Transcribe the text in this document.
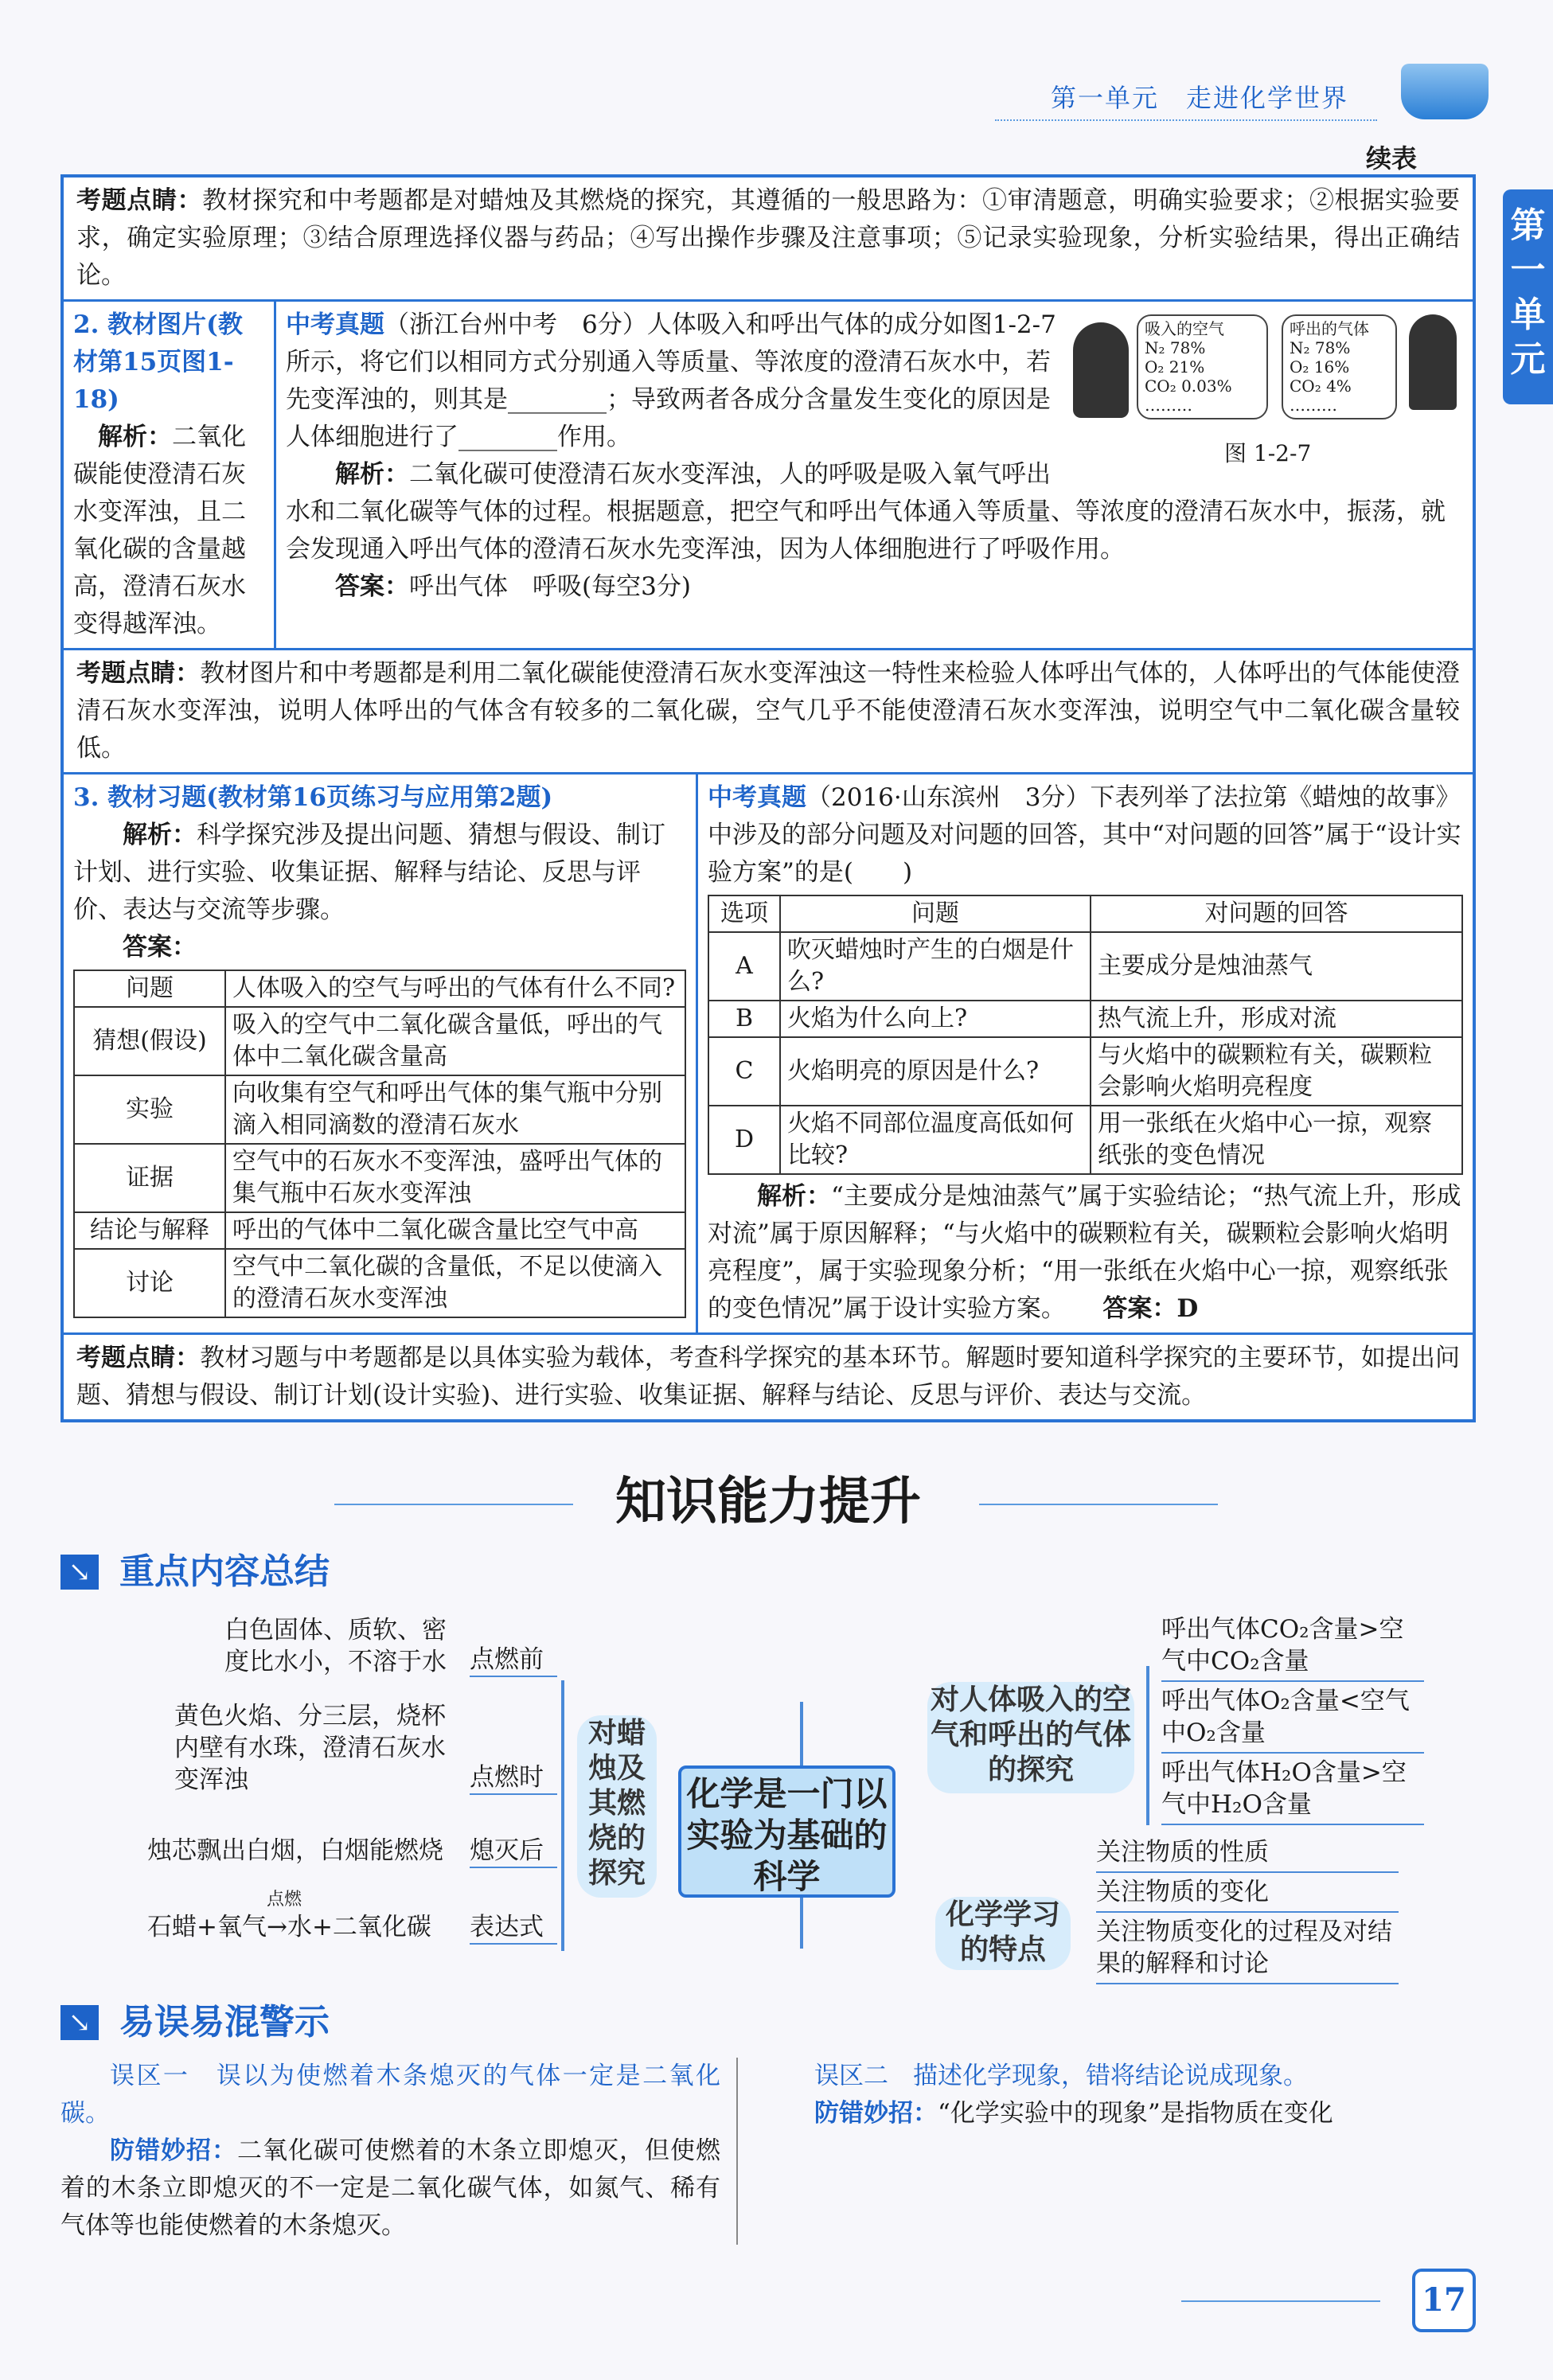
第一单元　走进化学世界
第一单元
续表
考题点睛：教材探究和中考题都是对蜡烛及其燃烧的探究，其遵循的一般思路为：①审清题意，明确实验要求；②根据实验要求，确定实验原理；③结合原理选择仪器与药品；④写出操作步骤及注意事项；⑤记录实验现象，分析实验结果，得出正确结论。
2. 教材图片(教材第15页图1-18)
解析：二氧化碳能使澄清石灰水变浑浊，且二氧化碳的含量越高，澄清石灰水变得越浑浊。
吸入的空气
N₂ 78%
O₂ 21%
CO₂ 0.03%
………
呼出的气体
N₂ 78%
O₂ 16%
CO₂ 4%
………
图 1-2-7
中考真题（浙江台州中考　6分）人体吸入和呼出气体的成分如图1-2-7所示，将它们以相同方式分别通入等质量、等浓度的澄清石灰水中，若先变浑浊的，则其是________；导致两者各成分含量发生变化的原因是人体细胞进行了________作用。
解析：二氧化碳可使澄清石灰水变浑浊，人的呼吸是吸入氧气呼出水和二氧化碳等气体的过程。根据题意，把空气和呼出气体通入等质量、等浓度的澄清石灰水中，振荡，就会发现通入呼出气体的澄清石灰水先变浑浊，因为人体细胞进行了呼吸作用。
答案：呼出气体　呼吸(每空3分)
考题点睛：教材图片和中考题都是利用二氧化碳能使澄清石灰水变浑浊这一特性来检验人体呼出气体的，人体呼出的气体能使澄清石灰水变浑浊，说明人体呼出的气体含有较多的二氧化碳，空气几乎不能使澄清石灰水变浑浊，说明空气中二氧化碳含量较低。
3. 教材习题(教材第16页练习与应用第2题)
解析：科学探究涉及提出问题、猜想与假设、制订计划、进行实验、收集证据、解释与结论、反思与评价、表达与交流等步骤。
答案：
问题	人体吸入的空气与呼出的气体有什么不同?
猜想(假设)	吸入的空气中二氧化碳含量低，呼出的气体中二氧化碳含量高
实验	向收集有空气和呼出气体的集气瓶中分别滴入相同滴数的澄清石灰水
证据	空气中的石灰水不变浑浊，盛呼出气体的集气瓶中石灰水变浑浊
结论与解释	呼出的气体中二氧化碳含量比空气中高
讨论	空气中二氧化碳的含量低，不足以使滴入的澄清石灰水变浑浊
中考真题（2016·山东滨州　3分）下表列举了法拉第《蜡烛的故事》中涉及的部分问题及对问题的回答，其中“对问题的回答”属于“设计实验方案”的是(　　)
选项	问题	对问题的回答
A	吹灭蜡烛时产生的白烟是什么?	主要成分是烛油蒸气
B	火焰为什么向上?	热气流上升，形成对流
C	火焰明亮的原因是什么?	与火焰中的碳颗粒有关，碳颗粒会影响火焰明亮程度
D	火焰不同部位温度高低如何比较?	用一张纸在火焰中心一掠，观察纸张的变色情况
解析：“主要成分是烛油蒸气”属于实验结论；“热气流上升，形成对流”属于原因解释；“与火焰中的碳颗粒有关，碳颗粒会影响火焰明亮程度”，属于实验现象分析；“用一张纸在火焰中心一掠，观察纸张的变色情况”属于设计实验方案。　　 答案：D
考题点睛：教材习题与中考题都是以具体实验为载体，考查科学探究的基本环节。解题时要知道科学探究的主要环节，如提出问题、猜想与假设、制订计划(设计实验)、进行实验、收集证据、解释与结论、反思与评价、表达与交流。
知识能力提升
↘ 重点内容总结
白色固体、质软、密度比水小，不溶于水 点燃前
黄色火焰、分三层，烧杯内壁有水珠，澄清石灰水变浑浊	点燃时
烛芯飘出白烟，白烟能燃烧	熄灭后
石蜡+氧气→水+二氧化碳
点燃
表达式
对蜡烛及其燃烧的探究
化学是一门以实验为基础的科学
对人体吸入的空气和呼出的气体的探究
呼出气体CO₂含量>空气中CO₂含量
呼出气体O₂含量<空气中O₂含量
呼出气体H₂O含量>空气中H₂O含量
化学学习的特点
关注物质的性质
关注物质的变化
关注物质变化的过程及对结果的解释和讨论
↘ 易误易混警示
误区一　误以为使燃着木条熄灭的气体一定是二氧化碳。
防错妙招：二氧化碳可使燃着的木条立即熄灭，但使燃着的木条立即熄灭的不一定是二氧化碳气体，如氮气、稀有气体等也能使燃着的木条熄灭。
误区二　描述化学现象，错将结论说成现象。
防错妙招：“化学实验中的现象”是指物质在变化
17
